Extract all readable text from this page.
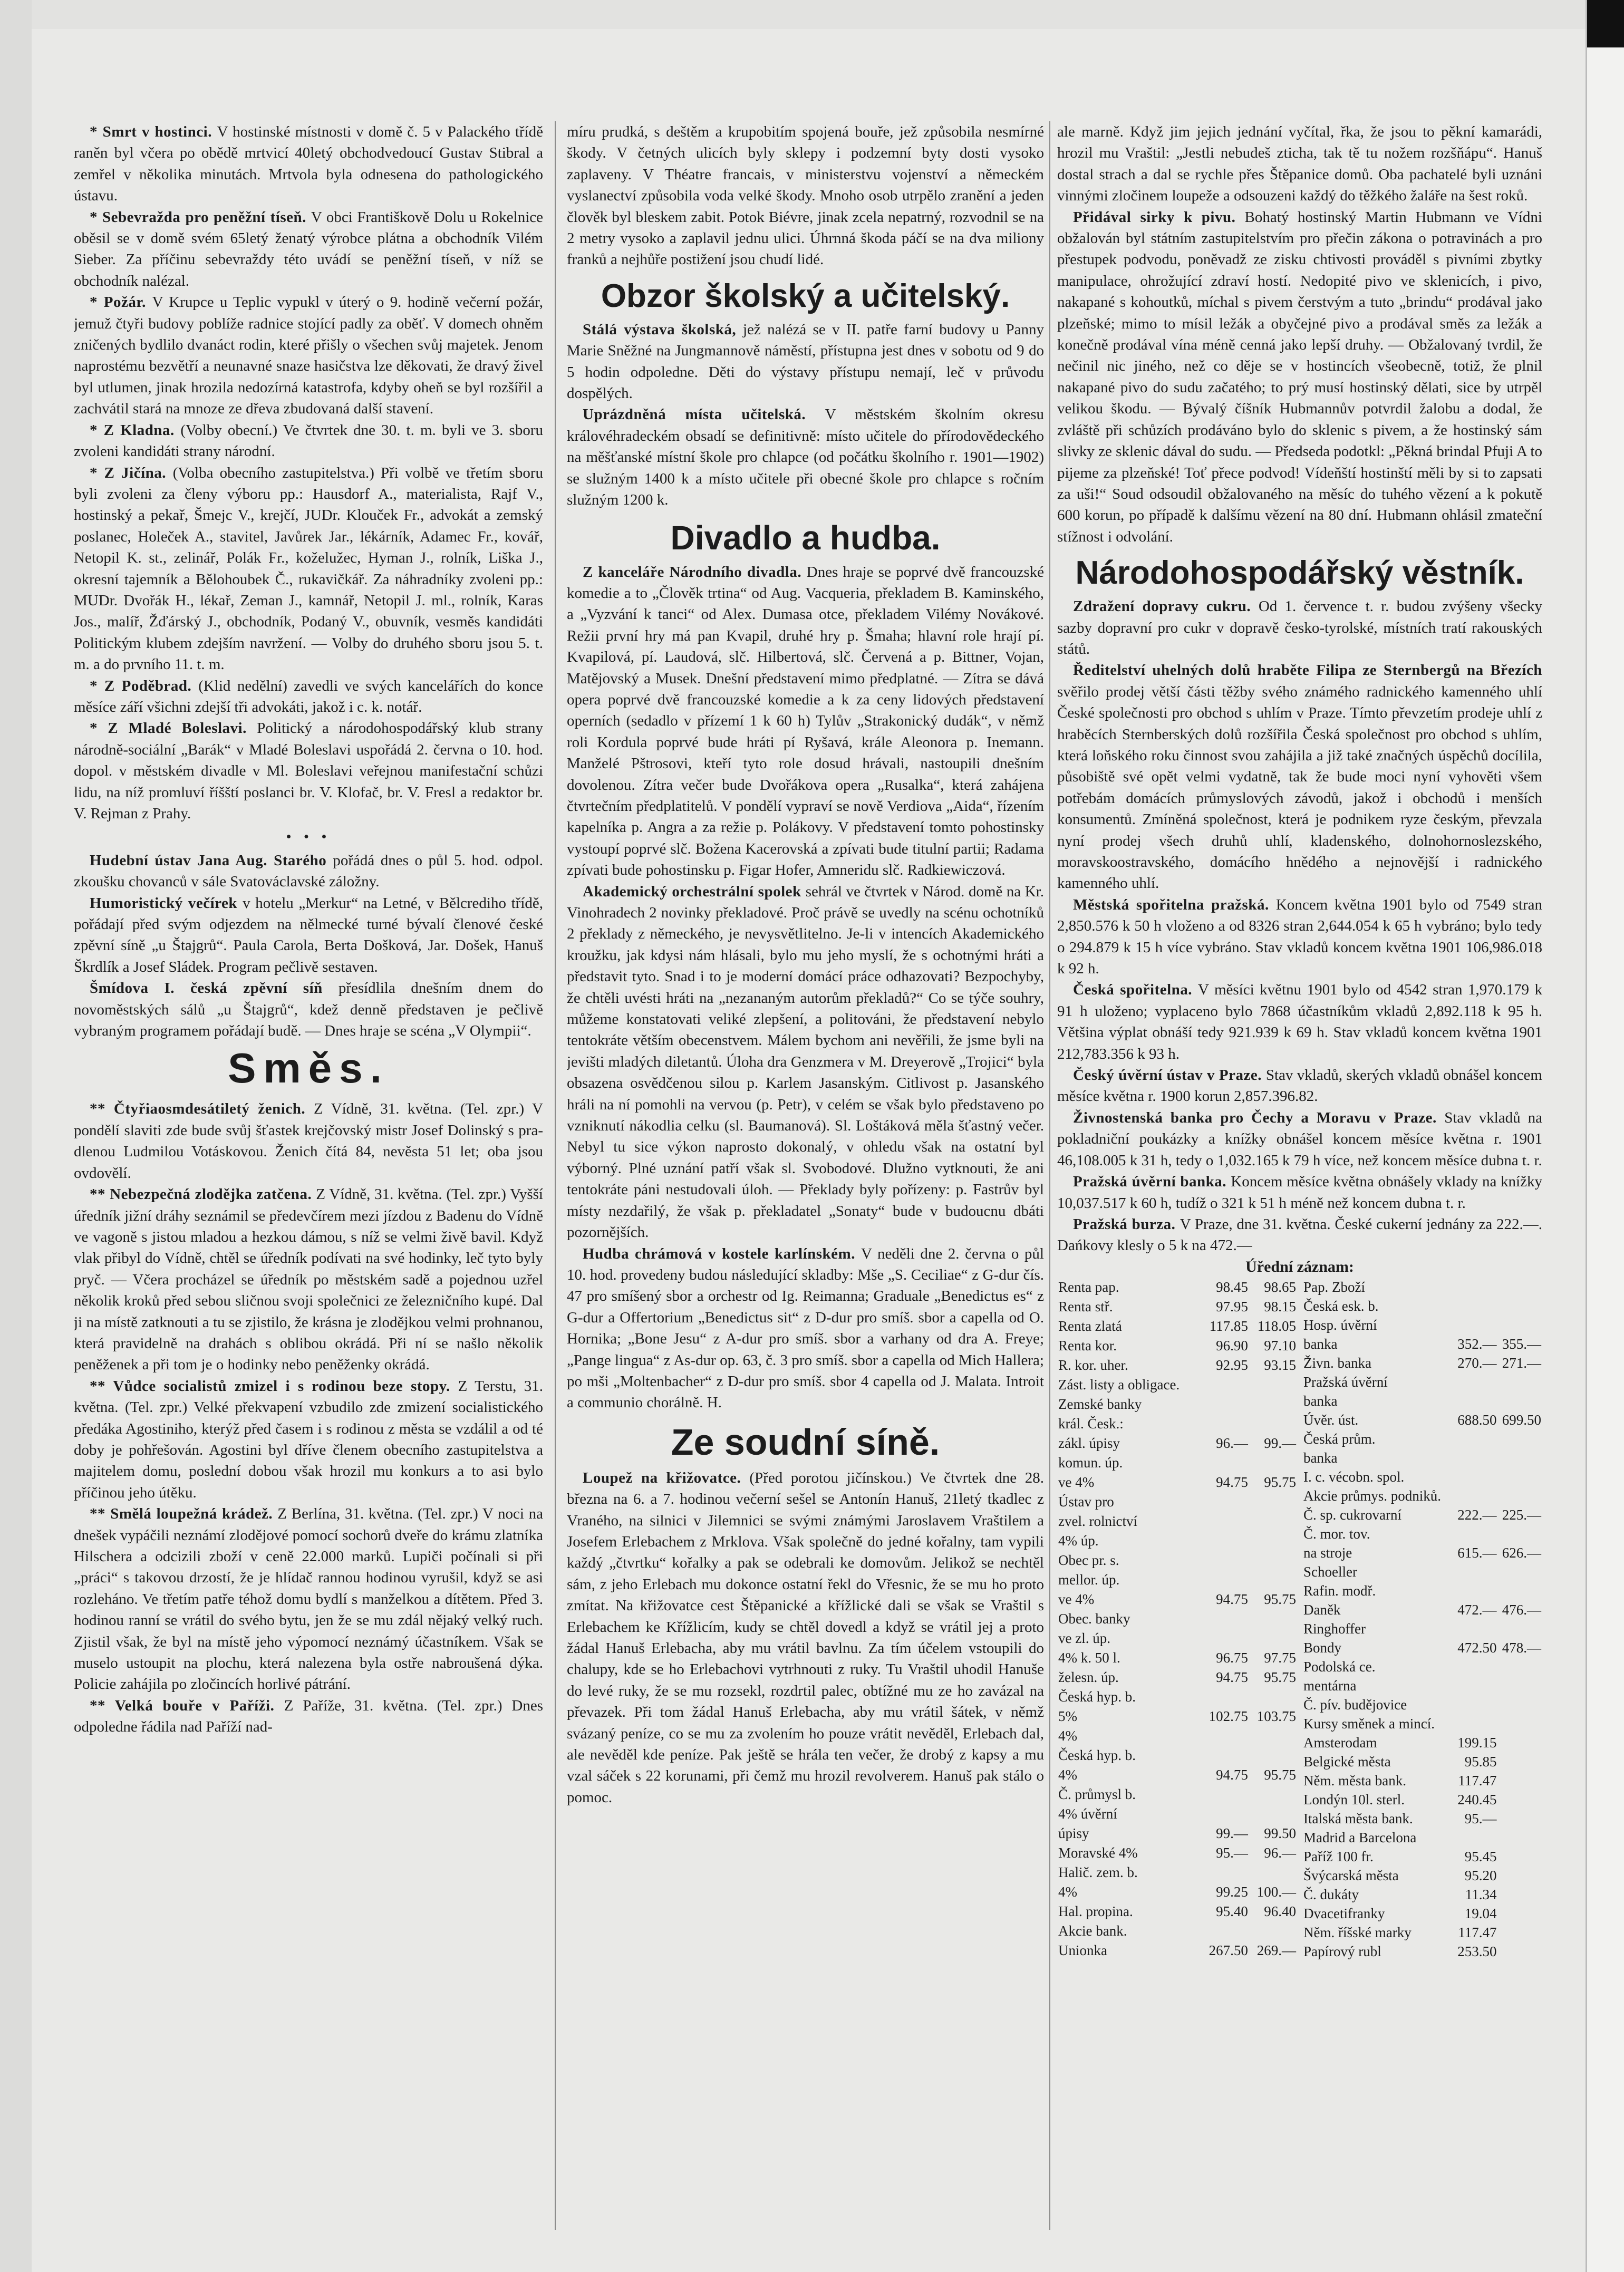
* Smrt v hostinci. V hostinské místnosti v domě č. 5 v Palackého třídě raněn byl včera po obědě mrtvicí 40letý obchodvedoucí Gustav Stibral a zemřel v několika minutách. Mrtvola byla odnesena do pathologického ústavu.

* Sebevražda pro peněžní tíseň. V obci Františkově Dolu u Rokelnice oběsil se v domě svém 65letý ženatý výrobce plátna a obchodník Vilém Sieber. Za příčinu sebevraždy této uvádí se peněžní tíseň, v níž se obchodník nalézal.

* Požár. V Krupce u Teplic vypukl v úterý o 9. hodině večerní požár, jemuž čtyři budovy poblíže radnice stojící padly za oběť. V domech ohněm zničených bydlilo dvanáct rodin, které přišly o všechen svůj majetek. Jenom naprostému bezvětří a neunavné snaze hasičstva lze děkovati, že dravý živel byl utlumen, jinak hrozila nedozírná katastrofa, kdyby oheň se byl rozšířil a zachvátil stará na mnoze ze dřeva zbudovaná další stavení.

* Z Kladna. (Volby obecní.) Ve čtvrtek dne 30. t. m. byli ve 3. sboru zvoleni kandidáti strany národní.

* Z Jičína. (Volba obecního zastupitelstva.) Při volbě ve třetím sboru byli zvoleni za členy výboru pp.: Hausdorf A., materialista, Rajf V., hostinský a pekař, Šmejc V., krejčí, JUDr. Klouček Fr., advokát a zemský poslanec, Holeček A., stavitel, Javůrek Jar., lékárník, Adamec Fr., kovář, Netopil K. st., zelinář, Polák Fr., koželužec, Hyman J., rolník, Liška J., okresní tajemník a Bělohoubek Č., rukavičkář. Za náhradníky zvoleni pp.: MUDr. Dvořák H., lékař, Zeman J., kamnář, Netopil J. ml., rolník, Karas Jos., malíř, Žďárský J., obchodník, Podaný V., obuvník, vesměs kandidáti Politickým klubem zdejším navržení. — Volby do druhého sboru jsou 5. t. m. a do prvního 11. t. m.

* Z Poděbrad. (Klid nedělní) zavedli ve svých kancelářích do konce měsíce září všichni zdejší tři advokáti, jakož i c. k. notář.

* Z Mladé Boleslavi. Politický a národohospodářský klub strany národně-sociální „Barák“ v Mladé Boleslavi uspořádá 2. června o 10. hod. dopol. v městském divadle v Ml. Boleslavi veřejnou manifestační schůzi lidu, na níž promluví říšští poslanci br. V. Klofač, br. V. Fresl a redaktor br. V. Rejman z Prahy.

• • •

Hudební ústav Jana Aug. Starého pořádá dnes o půl 5. hod. odpol. zkoušku chovanců v sále Svatováclavské záložny.

Humoristický večírek v hotelu „Merkur“ na Letné, v Bělcrediho třídě, pořádají před svým odjezdem na nělmecké turné bývalí členové české zpěvní síně „u Štajgrů“. Paula Carola, Berta Došková, Jar. Došek, Hanuš Škrdlík a Josef Sládek. Program pečlivě sestaven.

Šmídova I. česká zpěvní síň přesídlila dnešním dnem do novoměstských sálů „u Štajgrů“, kdež denně představen je pečlivě vybraným programem pořádají budě. — Dnes hraje se scéna „V Olympii“.

Směs.

** Čtyřiaosmdesátiletý ženich. Z Vídně, 31. května. (Tel. zpr.) V pondělí slaviti zde bude svůj šťastek krejčovský mistr Josef Dolinský s pra-dlenou Ludmilou Votáskovou. Ženich čítá 84, nevěsta 51 let; oba jsou ovdovělí.

** Nebezpečná zlodějka zatčena. Z Vídně, 31. května. (Tel. zpr.) Vyšší úředník jižní dráhy seznámil se předevčírem mezi jízdou z Badenu do Vídně ve vagoně s jistou mladou a hezkou dámou, s níž se velmi živě bavil. Když vlak přibyl do Vídně, chtěl se úředník podívati na své hodinky, leč tyto byly pryč. — Včera procházel se úředník po městském sadě a pojednou uzřel několik kroků před sebou sličnou svoji společnici ze železničního kupé. Dal ji na místě zatknouti a tu se zjistilo, že krásna je zlodějkou velmi prohnanou, která pravidelně na drahách s oblibou okrádá. Při ní se našlo několik peněženek a při tom je o hodinky nebo peněženky okrádá.

** Vůdce socialistů zmizel i s rodinou beze stopy. Z Terstu, 31. května. (Tel. zpr.) Velké překvapení vzbudilo zde zmizení socialistického předáka Agostiniho, kterýž před časem i s rodinou z města se vzdálil a od té doby je pohřešován. Agostini byl dříve členem obecního zastupitelstva a majitelem domu, poslední dobou však hrozil mu konkurs a to asi bylo příčinou jeho útěku.

** Smělá loupežná krádež. Z Berlína, 31. května. (Tel. zpr.) V noci na dnešek vypáčili neznámí zlodějové pomocí sochorů dveře do krámu zlatníka Hilschera a odcizili zboží v ceně 22.000 marků. Lupiči počínali si při „práci“ s takovou drzostí, že je hlídač rannou hodinou vyrušil, když se asi rozleháno. Ve třetím patře téhož domu bydlí s manželkou a dítětem. Před 3. hodinou ranní se vrátil do svého bytu, jen že se mu zdál nějaký velký ruch. Zjistil však, že byl na místě jeho výpomocí neznámý účastníkem. Však se muselo ustoupit na plochu, která nalezena byla ostře nabroušená dýka. Policie zahájila po zločincích horlivé pátrání.

** Velká bouře v Paříži. Z Paříže, 31. května. (Tel. zpr.) Dnes odpoledne řádila nad Paříží nad-

míru prudká, s deštěm a krupobitím spojená bouře, jež způsobila nesmírné škody. V četných ulicích byly sklepy i podzemní byty dosti vysoko zaplaveny. V Théatre francais, v ministerstvu vojenství a německém vyslanectví způsobila voda velké škody. Mnoho osob utrpělo zranění a jeden člověk byl bleskem zabit. Potok Biévre, jinak zcela nepatrný, rozvodnil se na 2 metry vysoko a zaplavil jednu ulici. Úhrnná škoda páčí se na dva miliony franků a nejhůře postižení jsou chudí lidé.

Obzor školský a učitelský.

Stálá výstava školská, jež nalézá se v II. patře farní budovy u Panny Marie Sněžné na Jungmannově náměstí, přístupna jest dnes v sobotu od 9 do 5 hodin odpoledne. Děti do výstavy přístupu nemají, leč v průvodu dospělých.

Uprázdněná místa učitelská. V městském školním okresu královéhradeckém obsadí se definitivně: místo učitele do přírodovědeckého na měšťanské místní škole pro chlapce (od počátku školního r. 1901—1902) se služným 1400 k a místo učitele při obecné škole pro chlapce s ročním služným 1200 k.

Divadlo a hudba.

Z kanceláře Národního divadla. Dnes hraje se poprvé dvě francouzské komedie a to „Člověk trtina“ od Aug. Vacqueria, překladem B. Kaminského, a „Vyzvání k tanci“ od Alex. Dumasa otce, překladem Vilémy Novákové. Režii první hry má pan Kvapil, druhé hry p. Šmaha; hlavní role hrají pí. Kvapilová, pí. Laudová, slč. Hilbertová, slč. Červená a p. Bittner, Vojan, Matějovský a Musek. Dnešní představení mimo předplatné. — Zítra se dává opera poprvé dvě francouzské komedie a k za ceny lidových představení operních (sedadlo v přízemí 1 k 60 h) Tylův „Strakonický dudák“, v němž roli Kordula poprvé bude hráti pí Ryšavá, krále Aleonora p. Inemann. Manželé Pštrosovi, kteří tyto role dosud hrávali, nastoupili dnešním dovolenou. Zítra večer bude Dvořákova opera „Rusalka“, která zahájena čtvrtečním předplatitelů. V pondělí vypraví se nově Verdiova „Aida“, řízením kapelníka p. Angra a za režie p. Polákovy. V představení tomto pohostinsky vystoupí poprvé slč. Božena Kacerovská a zpívati bude titulní partii; Radama zpívati bude pohostinsku p. Figar Hofer, Amneridu slč. Radkiewiczová.

Akademický orchestrální spolek sehrál ve čtvrtek v Národ. domě na Kr. Vinohradech 2 novinky překladové. Proč právě se uvedly na scénu ochotníků 2 překlady z německého, je nevysvětlitelno. Je-li v intencích Akademického kroužku, jak kdysi nám hlásali, bylo mu jeho myslí, že s ochotnými hráti a představit tyto. Snad i to je moderní domácí práce odhazovati? Bezpochyby, že chtěli uvésti hráti na „nezananým autorům překladů?“ Co se týče souhry, můžeme konstatovati veliké zlepšení, a politováni, že představení nebylo tentokráte větším obecenstvem. Málem bychom ani nevěřili, že jsme byli na jevišti mladých diletantů. Úloha dra Genzmera v M. Dreyerově „Trojici“ byla obsazena osvědčenou silou p. Karlem Jasanským. Citlivost p. Jasanského hráli na ní pomohli na vervou (p. Petr), v celém se však bylo představeno po vzniknutí nákodlia celku (sl. Baumanová). Sl. Loštáková měla šťastný večer. Nebyl tu sice výkon naprosto dokonalý, v ohledu však na ostatní byl výborný. Plné uznání patří však sl. Svobodové. Dlužno vytknouti, že ani tentokráte páni nestudovali úloh. — Překlady byly pořízeny: p. Fastrův byl místy nezdařilý, že však p. překladatel „Sonaty“ bude v budoucnu dbáti pozornějších.

Hudba chrámová v kostele karlínském. V neděli dne 2. června o půl 10. hod. provedeny budou následující skladby: Mše „S. Ceciliae“ z G-dur čís. 47 pro smíšený sbor a orchestr od Ig. Reimanna; Graduale „Benedictus es“ z G-dur a Offertorium „Benedictus sit“ z D-dur pro smíš. sbor a capella od O. Hornika; „Bone Jesu“ z A-dur pro smíš. sbor a varhany od dra A. Freye; „Pange lingua“ z As-dur op. 63, č. 3 pro smíš. sbor a capella od Mich Hallera; po mši „Moltenbacher“ z D-dur pro smíš. sbor 4 capella od J. Malata. Introit a communio chorálně. H.

Ze soudní síně.

Loupež na křižovatce. (Před porotou jičínskou.) Ve čtvrtek dne 28. března na 6. a 7. hodinou večerní sešel se Antonín Hanuš, 21letý tkadlec z Vraného, na silnici v Jilemnici se svými známými Jaroslavem Vraštilem a Josefem Erlebachem z Mrklova. Však společně do jedné kořalny, tam vypili každý „čtvrtku“ kořalky a pak se odebrali ke domovům. Jelikož se nechtěl sám, z jeho Erlebach mu dokonce ostatní řekl do Vřesnic, že se mu ho proto zmítat. Na křižovatce cest Štěpanické a křížlické dali se však se Vraštil s Erlebachem ke Křížlicím, kudy se chtěl dovedl a když se vrátil jej a proto žádal Hanuš Erlebacha, aby mu vrátil bavlnu. Za tím účelem vstoupili do chalupy, kde se ho Erlebachovi vytrhnouti z ruky. Tu Vraštil uhodil Hanuše do levé ruky, že se mu rozsekl, rozdrtil palec, obtížné mu ze ho zavázal na převazek. Při tom žádal Hanuš Erlebacha, aby mu vrátil šátek, v němž svázaný peníze, co se mu za zvolením ho pouze vrátit nevěděl, Erlebach dal, ale nevěděl kde peníze. Pak ještě se hrála ten večer, že drobý z kapsy a mu vzal sáček s 22 korunami, při čemž mu hrozil revolverem. Hanuš pak stálo o pomoc.

ale marně. Když jim jejich jednání vyčítal, řka, že jsou to pěkní kamarádi, hrozil mu Vraštil: „Jestli nebudeš zticha, tak tě tu nožem rozšňápu“. Hanuš dostal strach a dal se rychle přes Štěpanice domů. Oba pachatelé byli uznáni vinnými zločinem loupeže a odsouzeni každý do těžkého žaláře na šest roků.

Přidával sirky k pivu. Bohatý hostinský Martin Hubmann ve Vídni obžalován byl státním zastupitelstvím pro přečin zákona o potravinách a pro přestupek podvodu, poněvadž ze zisku chtivosti prováděl s pivními zbytky manipulace, ohrožující zdraví hostí. Nedopité pivo ve sklenicích, i pivo, nakapané s kohoutků, míchal s pivem čerstvým a tuto „brindu“ prodával jako plzeňské; mimo to mísil ležák a obyčejné pivo a prodával směs za ležák a konečně prodával vína méně cenná jako lepší druhy. — Obžalovaný tvrdil, že nečinil nic jiného, než co děje se v hostincích všeobecně, totiž, že plnil nakapané pivo do sudu začatého; to prý musí hostinský dělati, sice by utrpěl velikou škodu. — Bývalý číšník Hubmannův potvrdil žalobu a dodal, že zvláště při schůzích prodáváno bylo do sklenic s pivem, a že hostinský sám slivky ze sklenic dával do sudu. — Předseda podotkl: „Pěkná brindal Pfuji A to pijeme za plzeňské! Toť přece podvod! Vídeňští hostinští měli by si to zapsati za uši!“ Soud odsoudil obžalovaného na měsíc do tuhého vězení a k pokutě 600 korun, po případě k dalšímu vězení na 80 dní. Hubmann ohlásil zmateční stížnost i odvolání.

Národohospodářský věstník.

Zdražení dopravy cukru. Od 1. července t. r. budou zvýšeny všecky sazby dopravní pro cukr v dopravě česko-tyrolské, místních tratí rakouských států.

Ředitelství uhelných dolů hraběte Filipa ze Sternbergů na Březích svěřilo prodej větší části těžby svého známého radnického kamenného uhlí České společnosti pro obchod s uhlím v Praze. Tímto převzetím prodeje uhlí z hraběcích Sternberských dolů rozšířila Česká společnost pro obchod s uhlím, která loňského roku činnost svou zahájila a již také značných úspěchů docílila, působiště své opět velmi vydatně, tak že bude moci nyní vyhověti všem potřebám domácích průmyslových závodů, jakož i obchodů i menších konsumentů. Zmíněná společnost, která je podnikem ryze českým, převzala nyní prodej všech druhů uhlí, kladenského, dolnohornoslezského, moravskoostravského, domácího hnědého a nejnovější i radnického kamenného uhlí.

Městská spořitelna pražská. Koncem května 1901 bylo od 7549 stran 2,850.576 k 50 h vloženo a od 8326 stran 2,644.054 k 65 h vybráno; bylo tedy o 294.879 k 15 h více vybráno. Stav vkladů koncem května 1901 106,986.018 k 92 h.

Česká spořitelna. V měsíci květnu 1901 bylo od 4542 stran 1,970.179 k 91 h uloženo; vyplaceno bylo 7868 účastníkům vkladů 2,892.118 k 95 h. Většina výplat obnáší tedy 921.939 k 69 h. Stav vkladů koncem května 1901 212,783.356 k 93 h.

Český úvěrní ústav v Praze. Stav vkladů, skerých vkladů obnášel koncem měsíce května r. 1900 korun 2,857.396.82.

Živnostenská banka pro Čechy a Moravu v Praze. Stav vkladů na pokladniční poukázky a knížky obnášel koncem měsíce května r. 1901 46,108.005 k 31 h, tedy o 1,032.165 k 79 h více, než koncem měsíce dubna t. r.

Pražská úvěrní banka. Koncem měsíce května obnášely vklady na knížky 10,037.517 k 60 h, tudíž o 321 k 51 h méně než koncem dubna t. r.

Pražská burza. V Praze, dne 31. května. České cukerní jednány za 222.—. Dańkovy klesly o 5 k na 472.—

Úřední záznam:
Renta pap.	98.45	98.65
Renta stř.	97.95	98.15
Renta zlatá	117.85	118.05
Renta kor.	96.90	97.10
R. kor. uher.	92.95	93.15
Zást. listy a obligace.		
Zemské banky		
král. Česk.:		
zákl. úpisy	96.—	99.—
komun. úp.		
ve 4%	94.75	95.75
Ústav pro		
zvel. rolnictví		
4% úp.		
Obec pr. s.		
mellor. úp.		
ve 4%	94.75	95.75
Obec. banky		
ve zl. úp.		
4% k. 50 l.	96.75	97.75
želesn. úp.	94.75	95.75
Česká hyp. b.		
5%	102.75	103.75
4%		
Česká hyp. b.		
4%	94.75	95.75
Č. průmysl b.		
4% úvěrní		
úpisy	99.—	99.50
Moravské 4%	95.—	96.—
Halič. zem. b.		
4%	99.25	100.—
Hal. propina.	95.40	96.40
Akcie bank.		
Unionka	267.50	269.—
Pap. Zboží		
Česká esk. b.		
Hosp. úvěrní		
banka	352.—	355.—
Živn. banka	270.—	271.—
Pražská úvěrní		
banka		
Úvěr. úst.	688.50	699.50
Česká prům.		
banka		
I. c. vécobn. spol.		
Akcie průmys. podniků.		
Č. sp. cukrovarní	222.—	225.—
Č. mor. tov.		
na stroje	615.—	626.—
Schoeller		
Rafin. modř.		
Daněk	472.—	476.—
Ringhoffer		
Bondy	472.50	478.—
Podolská ce.		
mentárna		
Č. pív. budějovice		
Kursy směnek a mincí.		
Amsterodam	199.15	
Belgické města	95.85	
Něm. města bank.	117.47	
Londýn 10l. sterl.	240.45	
Italská města bank.	95.—	
Madrid a Barcelona		
Paříž 100 fr.	95.45	
Švýcarská města	95.20	
Č. dukáty	11.34	
Dvacetifranky	19.04	
Něm. říšské marky	117.47	
Papírový rubl	253.50	
